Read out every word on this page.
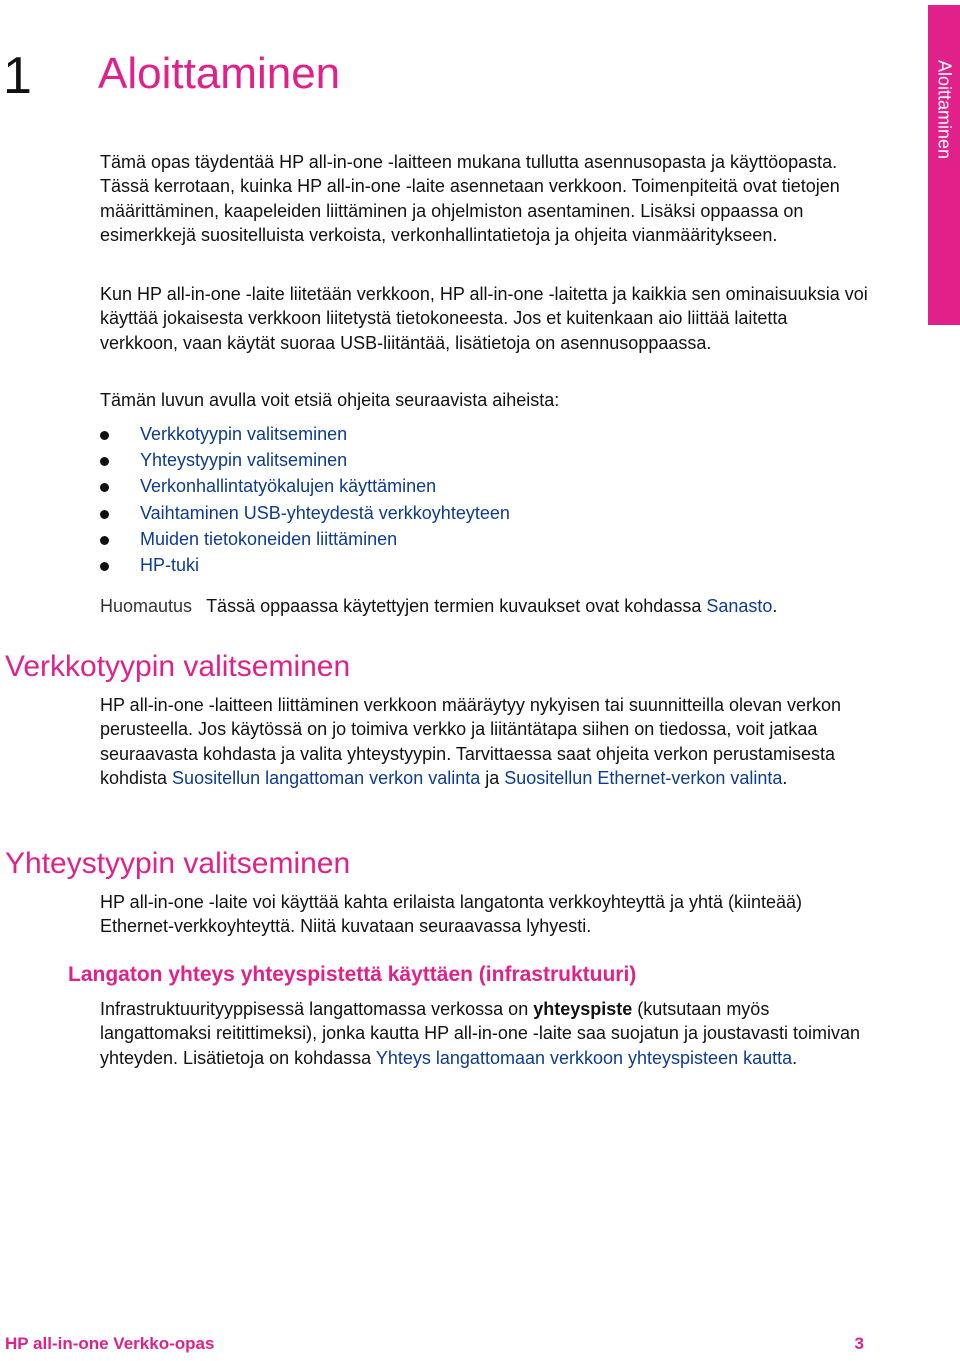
1 Aloittaminen	Aloittaminen

Tämä opas täydentää HP all-in-one -laitteen mukana tullutta asennusopasta ja käyttöopasta. Tässä kerrotaan, kuinka HP all-in-one -laite asennetaan verkkoon. Toimenpiteitä ovat tietojen määrittäminen, kaapeleiden liittäminen ja ohjelmiston asentaminen. Lisäksi oppaassa on esimerkkejä suositelluista verkoista, verkonhallintatietoja ja ohjeita vianmääritykseen.

Kun HP all-in-one -laite liitetään verkkoon, HP all-in-one -laitetta ja kaikkia sen ominaisuuksia voi käyttää jokaisesta verkkoon liitetystä tietokoneesta. Jos et kuitenkaan aio liittää laitetta verkkoon, vaan käytät suoraa USB-liitäntää, lisätietoja on asennusoppaassa.

Tämän luvun avulla voit etsiä ohjeita seuraavista aiheista:

Verkkotyypin valitseminen
Yhteystyypin valitseminen
Verkonhallintatyökalujen käyttäminen
Vaihtaminen USB-yhteydestä verkkoyhteyteen
Muiden tietokoneiden liittäminen
HP-tuki
Huomautus Tässä oppaassa käytettyjen termien kuvaukset ovat kohdassa Sanasto.
Verkkotyypin valitseminen

HP all-in-one -laitteen liittäminen verkkoon määräytyy nykyisen tai suunnitteilla olevan verkon perusteella. Jos käytössä on jo toimiva verkko ja liitäntätapa siihen on tiedossa, voit jatkaa seuraavasta kohdasta ja valita yhteystyypin. Tarvittaessa saat ohjeita verkon perustamisesta kohdista Suositellun langattoman verkon valinta ja Suositellun Ethernet-verkon valinta.

Yhteystyypin valitseminen

HP all-in-one -laite voi käyttää kahta erilaista langatonta verkkoyhteyttä ja yhtä (kiinteää) Ethernet-verkkoyhteyttä. Niitä kuvataan seuraavassa lyhyesti.

Langaton yhteys yhteyspistettä käyttäen (infrastruktuuri)

Infrastruktuurityyppisessä langattomassa verkossa on yhteyspiste (kutsutaan myös langattomaksi reitittimeksi), jonka kautta HP all-in-one -laite saa suojatun ja joustavasti toimivan yhteyden. Lisätietoja on kohdassa Yhteys langattomaan verkkoon yhteyspisteen kautta.

HP all-in-one Verkko-opas	3
